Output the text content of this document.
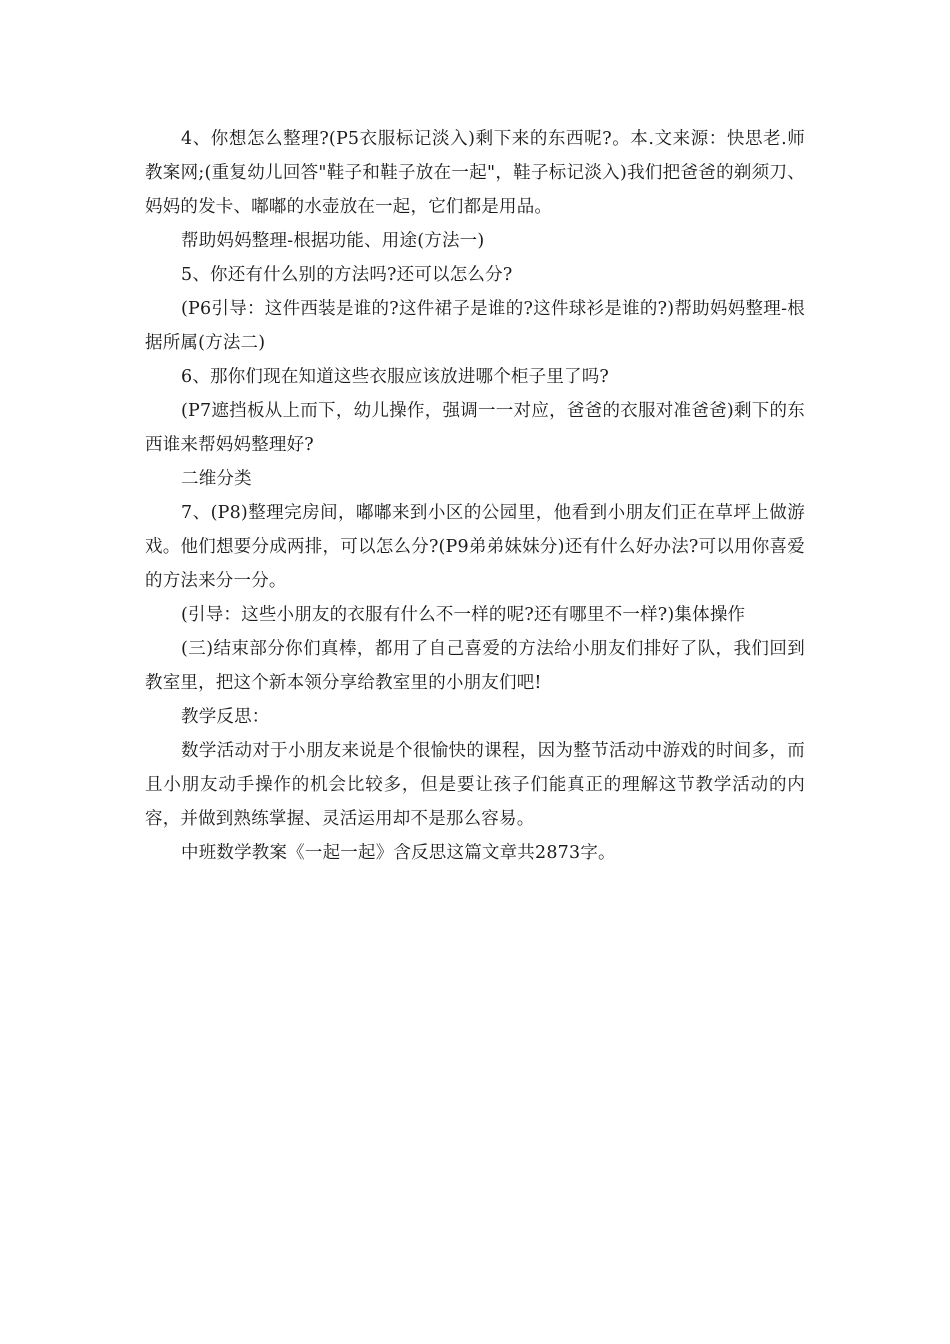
4、你想怎么整理?(P5衣服标记淡入)剩下来的东西呢?。本.文来源：快思老.师教案网;(重复幼儿回答"鞋子和鞋子放在一起"，鞋子标记淡入)我们把爸爸的剃须刀、妈妈的发卡、嘟嘟的水壶放在一起，它们都是用品。

帮助妈妈整理-根据功能、用途(方法一)

5、你还有什么别的方法吗?还可以怎么分?

(P6引导：这件西装是谁的?这件裙子是谁的?这件球衫是谁的?)帮助妈妈整理-根据所属(方法二)

6、那你们现在知道这些衣服应该放进哪个柜子里了吗?

(P7遮挡板从上而下，幼儿操作，强调一一对应，爸爸的衣服对准爸爸)剩下的东西谁来帮妈妈整理好?

二维分类

7、(P8)整理完房间，嘟嘟来到小区的公园里，他看到小朋友们正在草坪上做游戏。他们想要分成两排，可以怎么分?(P9弟弟妹妹分)还有什么好办法?可以用你喜爱的方法来分一分。

(引导：这些小朋友的衣服有什么不一样的呢?还有哪里不一样?)集体操作

(三)结束部分你们真棒，都用了自己喜爱的方法给小朋友们排好了队，我们回到教室里，把这个新本领分享给教室里的小朋友们吧!

教学反思：

数学活动对于小朋友来说是个很愉快的课程，因为整节活动中游戏的时间多，而且小朋友动手操作的机会比较多，但是要让孩子们能真正的理解这节教学活动的内容，并做到熟练掌握、灵活运用却不是那么容易。

中班数学教案《一起一起》含反思这篇文章共2873字。
